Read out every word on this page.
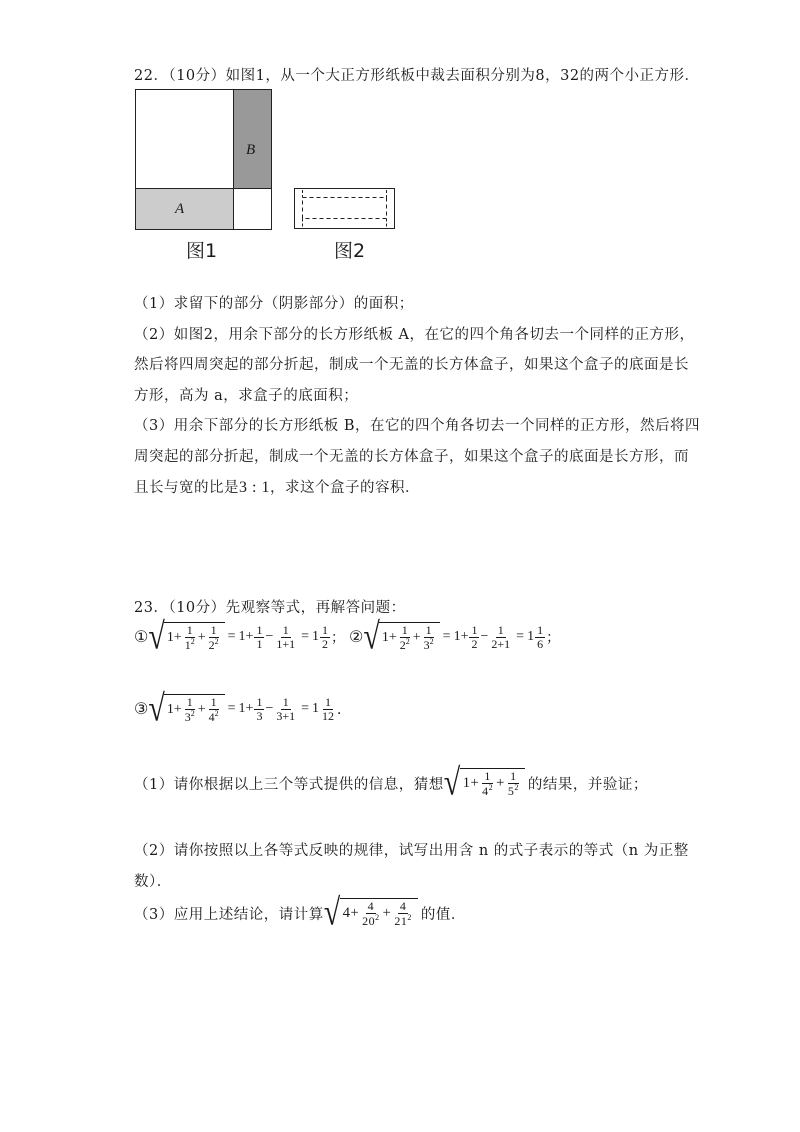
22．（10分）如图1，从一个大正方形纸板中裁去面积分别为8，32的两个小正方形．
B
A
图1	图2
（1）求留下的部分（阴影部分）的面积；
（2）如图2，用余下部分的长方形纸板 A，在它的四个角各切去一个同样的正方形，
然后将四周突起的部分折起，制成一个无盖的长方体盒子，如果这个盒子的底面是长
方形，高为 a，求盒子的底面积；
（3）用余下部分的长方形纸板 B，在它的四个角各切去一个同样的正方形，然后将四
周突起的部分折起，制成一个无盖的长方体盒子，如果这个盒子的底面是长方形，而
且长与宽的比是3 : 1，求这个盒子的容积．
23．（10分）先观察等式，再解答问题：
① √ $1 + \frac{1}{1^2} + \frac{1}{2^2} = 1 + \frac{1}{1} - \frac{1}{1+1} = 1 \frac{1}{2}$ ； ② √ $1 + \frac{1}{2^2} + \frac{1}{3^2} = 1 + \frac{1}{2} - \frac{1}{2+1} = 1 \frac{1}{6}$ ；
③ √ $1 + \frac{1}{3^2} + \frac{1}{4^2} = 1 + \frac{1}{3} - \frac{1}{3+1} = 1 \frac{1}{12}$ ．
（1）请你根据以上三个等式提供的信息，猜想 √ $1 + \frac{1}{4^2} + \frac{1}{5^2}$ 的结果，并验证；
（2）请你按照以上各等式反映的规律，试写出用含 n 的式子表示的等式（n 为正整
数）．
（3）应用上述结论，请计算 √ $4 + \frac{4}{20^2} + \frac{4}{21^2}$ 的值．
